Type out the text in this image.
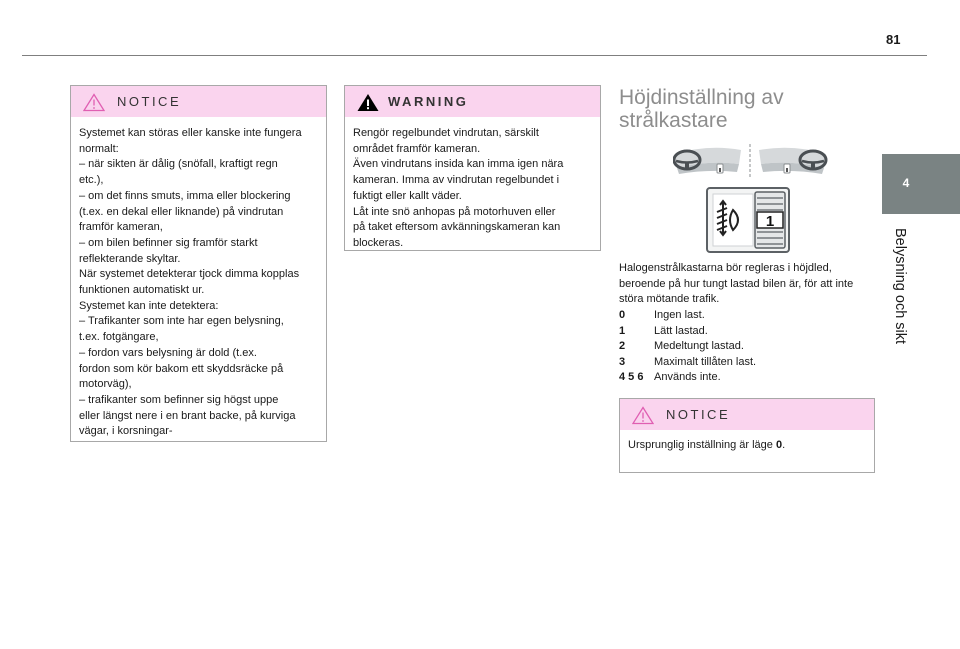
81
4
Belysning och sikt
NOTICE
Systemet kan störas eller kanske inte fungera
normalt:
– när sikten är dålig (snöfall, kraftigt regn
etc.),
– om det finns smuts, imma eller blockering
(t.ex. en dekal eller liknande) på vindrutan
framför kameran,
– om bilen befinner sig framför starkt
reflekterande skyltar.
När systemet detekterar tjock dimma kopplas
funktionen automatiskt ur.
Systemet kan inte detektera:
– Trafikanter som inte har egen belysning,
t.ex. fotgängare,
– fordon vars belysning är dold (t.ex.
fordon som kör bakom ett skyddsräcke på
motorväg),
– trafikanter som befinner sig högst uppe
eller längst nere i en brant backe, på kurviga
vägar, i korsningar-
WARNING
Rengör regelbundet vindrutan, särskilt
området framför kameran.
Även vindrutans insida kan imma igen nära
kameran. Imma av vindrutan regelbundet i
fuktigt eller kallt väder.
Låt inte snö anhopas på motorhuven eller
på taket eftersom avkänningskameran kan
blockeras.
Höjdinställning av
strålkastare
1
Halogenstrålkastarna bör regleras i höjdled,
beroende på hur tungt lastad bilen är, för att inte
störa mötande trafik.
0	Ingen last.
1	Lätt lastad.
2	Medeltungt lastad.
3	Maximalt tillåten last.
4 5 6 Används inte.
NOTICE
Ursprunglig inställning är läge 0.
